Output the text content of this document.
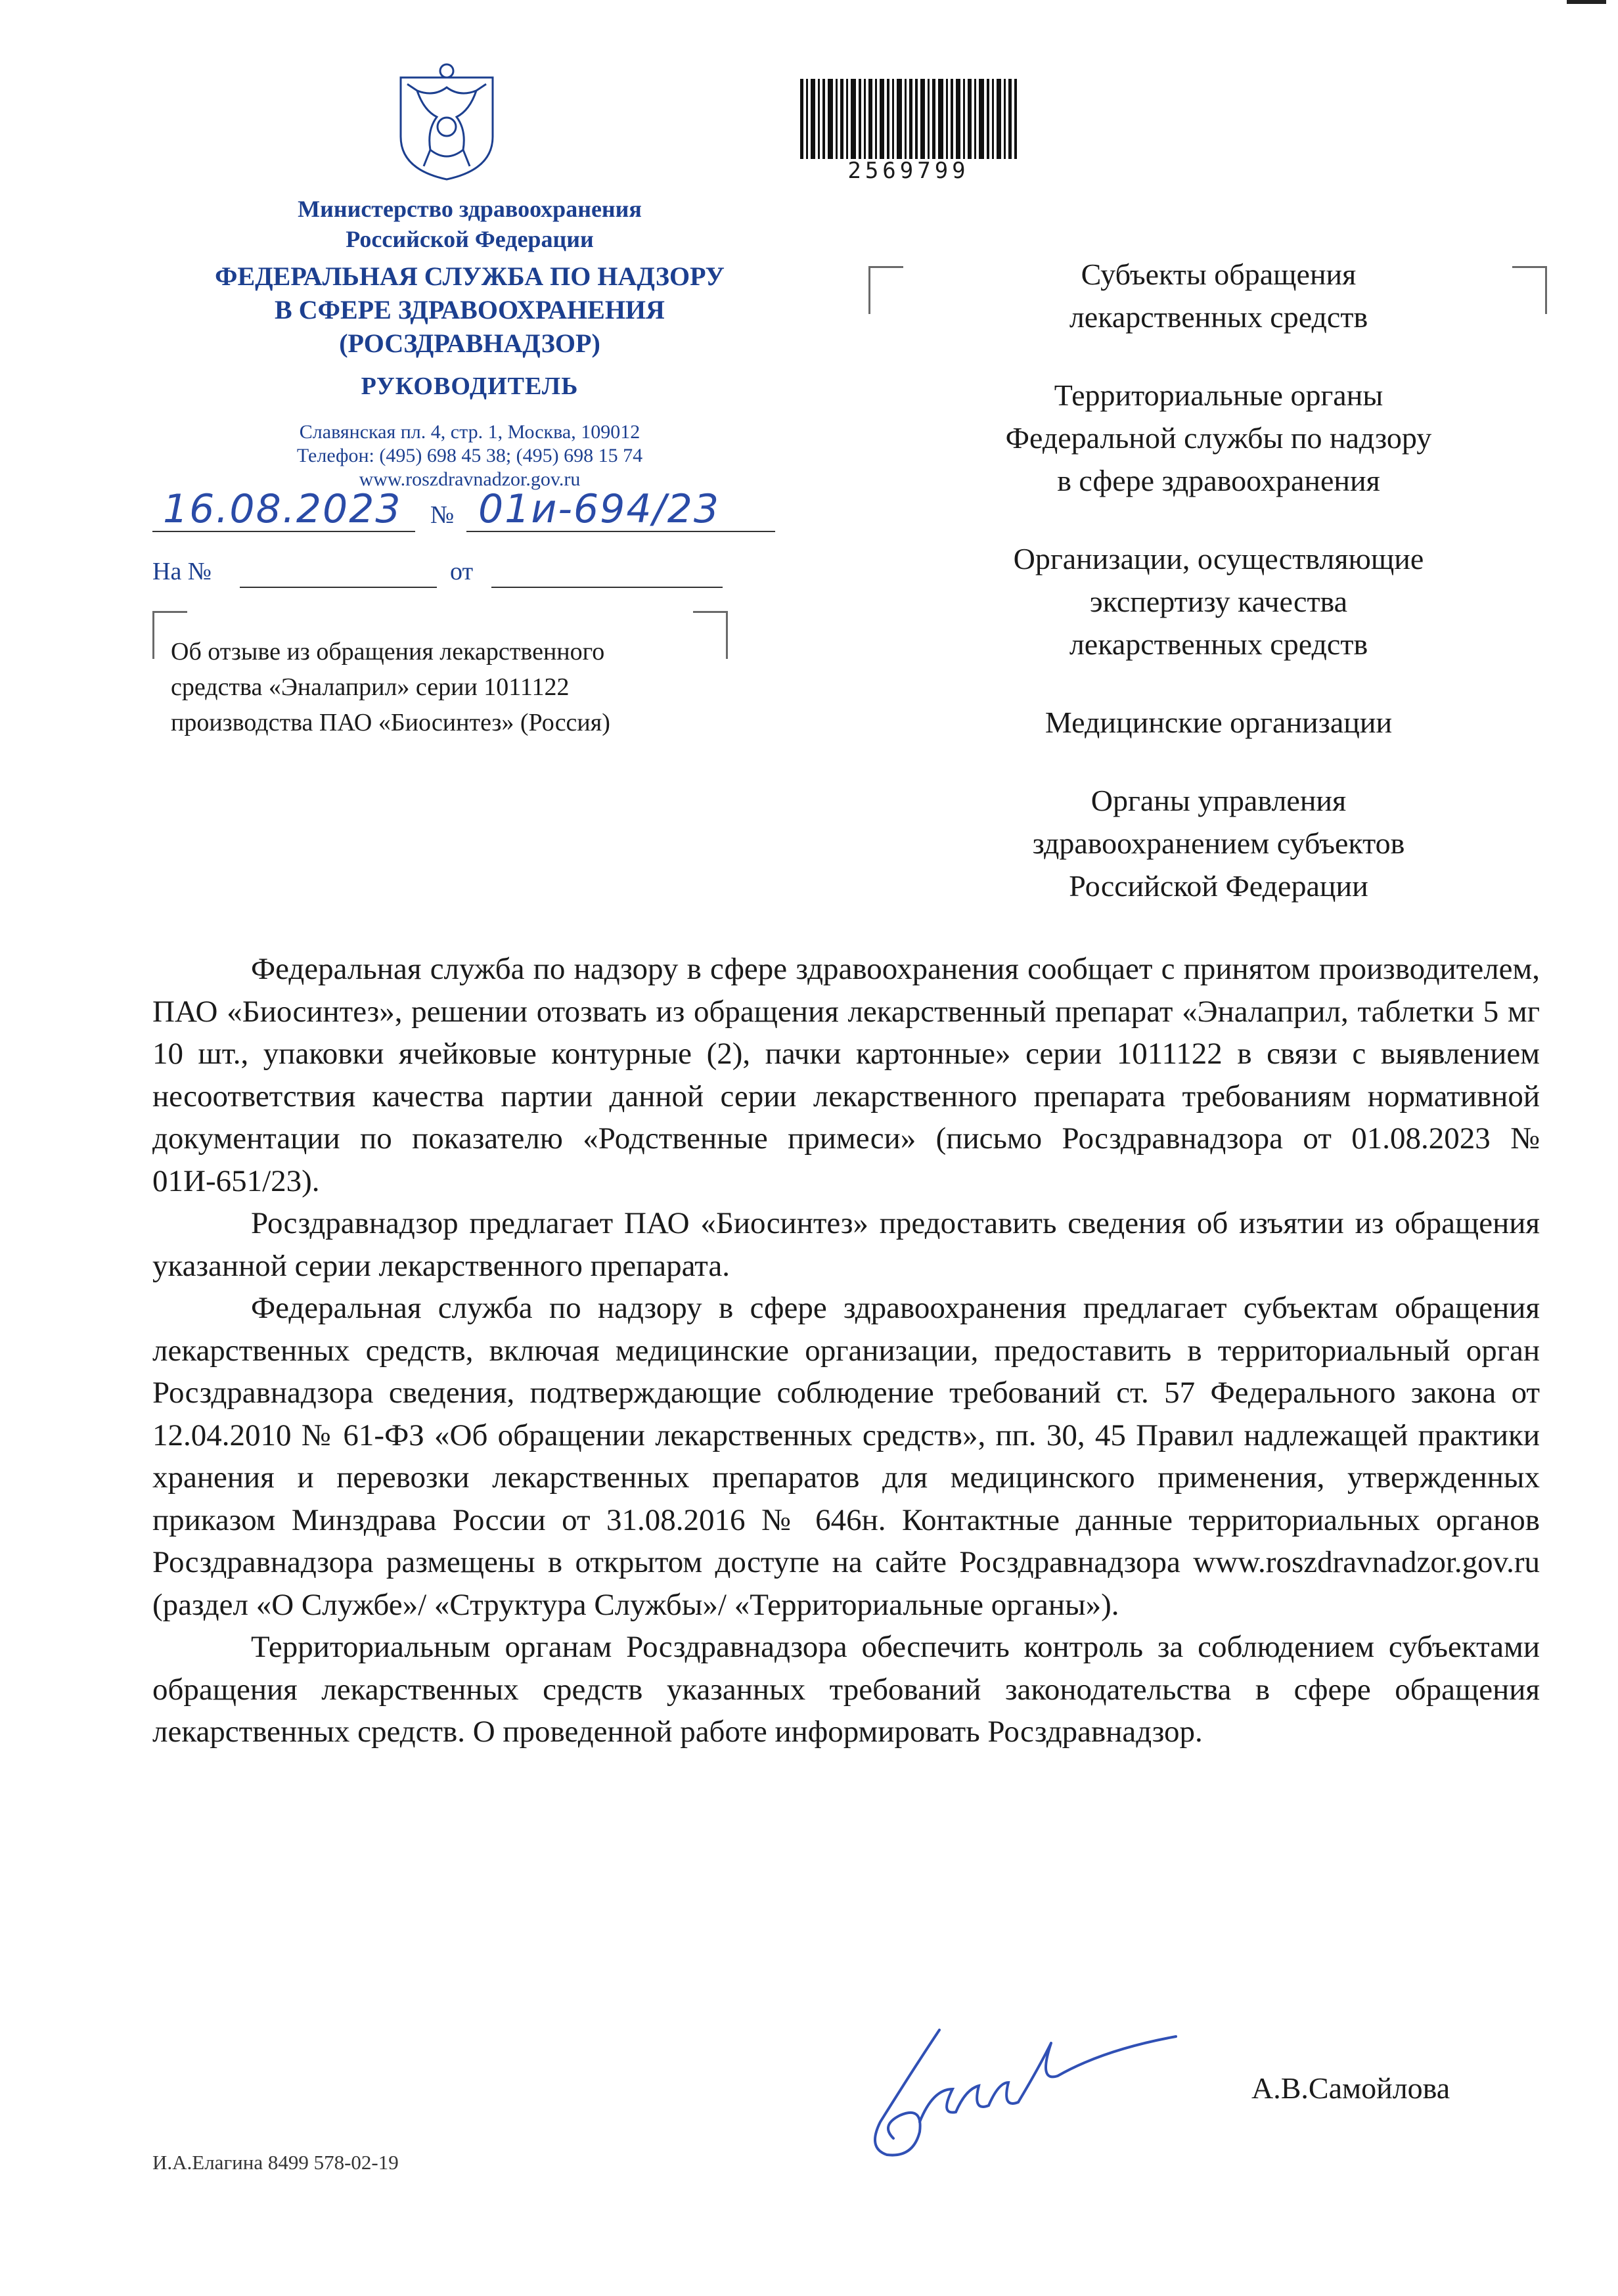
Министерство здравоохранения
Российской Федерации
ФЕДЕРАЛЬНАЯ СЛУЖБА ПО НАДЗОРУ
В СФЕРЕ ЗДРАВООХРАНЕНИЯ
(РОСЗДРАВНАДЗОР)
РУКОВОДИТЕЛЬ
Славянская пл. 4, стр. 1, Москва, 109012
Телефон: (495) 698 45 38; (495) 698 15 74
www.roszdravnadzor.gov.ru
16.08.2023 № 01и-694/23
На №	от
Об отзыве из обращения лекарственного
средства «Эналаприл» серии 1011122
производства ПАО «Биосинтез» (Россия)
2569799
Субъекты обращения
лекарственных средств
Территориальные органы
Федеральной службы по надзору
в сфере здравоохранения
Организации, осуществляющие
экспертизу качества
лекарственных средств
Медицинские организации
Органы управления
здравоохранением субъектов
Российской Федерации

Федеральная служба по надзору в сфере здравоохранения сообщает с принятом производителем, ПАО «Биосинтез», решении отозвать из обращения лекарственный препарат «Эналаприл, таблетки 5 мг 10 шт., упаковки ячейковые контурные (2), пачки картонные» серии 1011122 в связи с выявлением несоответствия качества партии данной серии лекарственного препарата требованиям нормативной документации по показателю «Родственные примеси» (письмо Росздравнадзора от 01.08.2023 № 01И-651/23).

Росздравнадзор предлагает ПАО «Биосинтез» предоставить сведения об изъятии из обращения указанной серии лекарственного препарата.

Федеральная служба по надзору в сфере здравоохранения предлагает субъектам обращения лекарственных средств, включая медицинские организации, предоставить в территориальный орган Росздравнадзора сведения, подтверждающие соблюдение требований ст. 57 Федерального закона от 12.04.2010 № 61-ФЗ «Об обращении лекарственных средств», пп. 30, 45 Правил надлежащей практики хранения и перевозки лекарственных препаратов для медицинского применения, утвержденных приказом Минздрава России от 31.08.2016 № 646н. Контактные данные территориальных органов Росздравнадзора размещены в открытом доступе на сайте Росздравнадзора www.roszdravnadzor.gov.ru (раздел «О Службе»/ «Структура Службы»/ «Территориальные органы»).

Территориальным органам Росздравнадзора обеспечить контроль за соблюдением субъектами обращения лекарственных средств указанных требований законодательства в сфере обращения лекарственных средств. О проведенной работе информировать Росздравнадзор.

А.В.Самойлова
И.А.Елагина 8499 578-02-19
